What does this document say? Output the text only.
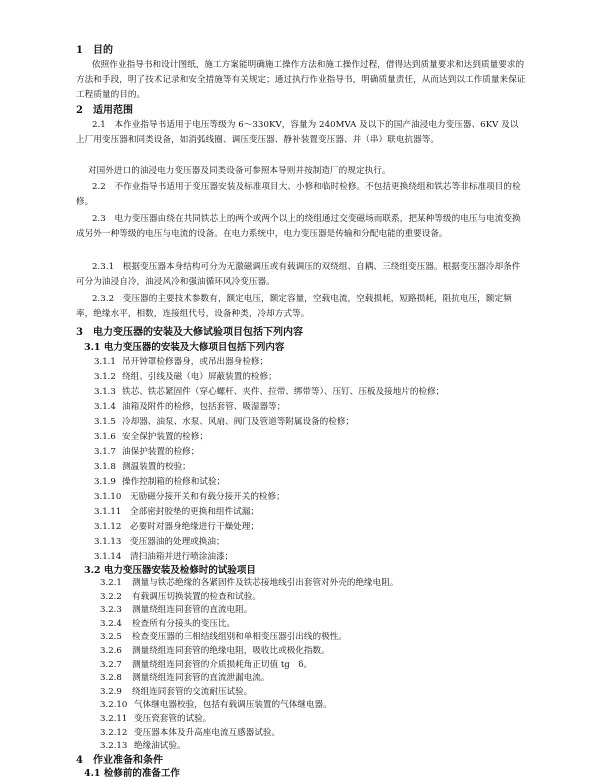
1　目的
依照作业指导书和设计图纸，施工方案能明确施工操作方法和施工操作过程，借得达到质量要求和达到质量要求的方法和手段，明了技术记录和安全措施等有关规定；通过执行作业指导书，明确质量责任，从而达到以工作质量来保证工程质量的目的。
2　适用范围
2.1　本作业指导书适用于电压等级为 6～330KV，容量为 240MVA 及以下的国产油浸电力变压器、6KV 及以上厂用变压器和同类设备，如消弧线圈、调压变压器、静补装置变压器、并（串）联电抗器等。
对国外进口的油浸电力变压器及同类设备可参照本导则并按制造厂的规定执行。
2.2　不作业指导书适用于变压器安装及标准项目大、小修和临时检修。不包括更换绕组和铁芯等非标准项目的检修。
2.3　电力变压器由绕在共同铁芯上的两个或两个以上的绕组通过交变磁场而联系，把某种等级的电压与电流变换成另外一种等级的电压与电流的设备。在电力系统中，电力变压器是传输和分配电能的重要设备。
2.3.1　根据变压器本身结构可分为无激磁调压或有载调压的双绕组、自耦、三绕组变压器。根据变压器冷却条件可分为油浸自冷，油浸风冷和强油循环风冷变压器。
2.3.2　变压器的主要技术参数有，额定电压，额定容量，空载电流，空载损耗，短路损耗，阻抗电压，额定频率，绝缘水平，相数，连接组代号，设备种类，冷却方式等。
3　电力变压器的安装及大修试验项目包括下列内容
3.1 电力变压器的安装及大修项目包括下列内容
3.1.1 吊开钟罩检修器身，或吊出器身检修；
3.1.2 绕组、引线及磁（电）屏蔽装置的检修；
3.1.3 铁芯、铁芯紧固件（穿心螺杆、夹件、拉带、绑带等）、压钉、压板及接地片的检修；
3.1.4 油箱及附件的检修，包括套管、吸湿器等；
3.1.5 冷却器、油泵、水泵、风扇、阀门及管道等附属设备的检修；
3.1.6 安全保护装置的检修；
3.1.7 油保护装置的检修；
3.1.8 测温装置的校验；
3.1.9 操作控制箱的检修和试验；
3.1.10 无励磁分接开关和有载分接开关的检修；
3.1.11 全部密封胶垫的更换和组件试漏；
3.1.12 必要时对器身绝缘进行干燥处理；
3.1.13 变压器油的处理或换油；
3.1.14 清扫油箱并进行喷涂油漆；
3.2 电力变压器安装及检修时的试验项目
3.2.1 测量与铁芯绝缘的各紧固件及铁芯接地线引出套管对外壳的绝缘电阻。
3.2.2 有载调压切换装置的检查和试验。
3.2.3 测量绕组连同套管的直流电阻。
3.2.4 检查所有分接头的变压比。
3.2.5 检查变压器的三相结线组别和单相变压器引出线的极性。
3.2.6 测量绕组连同套管的绝缘电阻，吸收比或极化指数。
3.2.7 测量绕组连同套管的介质损耗角正切值 tg　δ。
3.2.8 测量绕组连同套管的直流泄漏电流。
3.2.9 绕组连同套管的交流耐压试验。
3.2.10 气体继电器校验，包括有载调压装置的气体继电器。
3.2.11 变压瓷套管的试验。
3.2.12 变压器本体及升高座电流互感器试验。
3.2.13 绝缘油试验。
4　作业准备和条件
4.1 检修前的准备工作
